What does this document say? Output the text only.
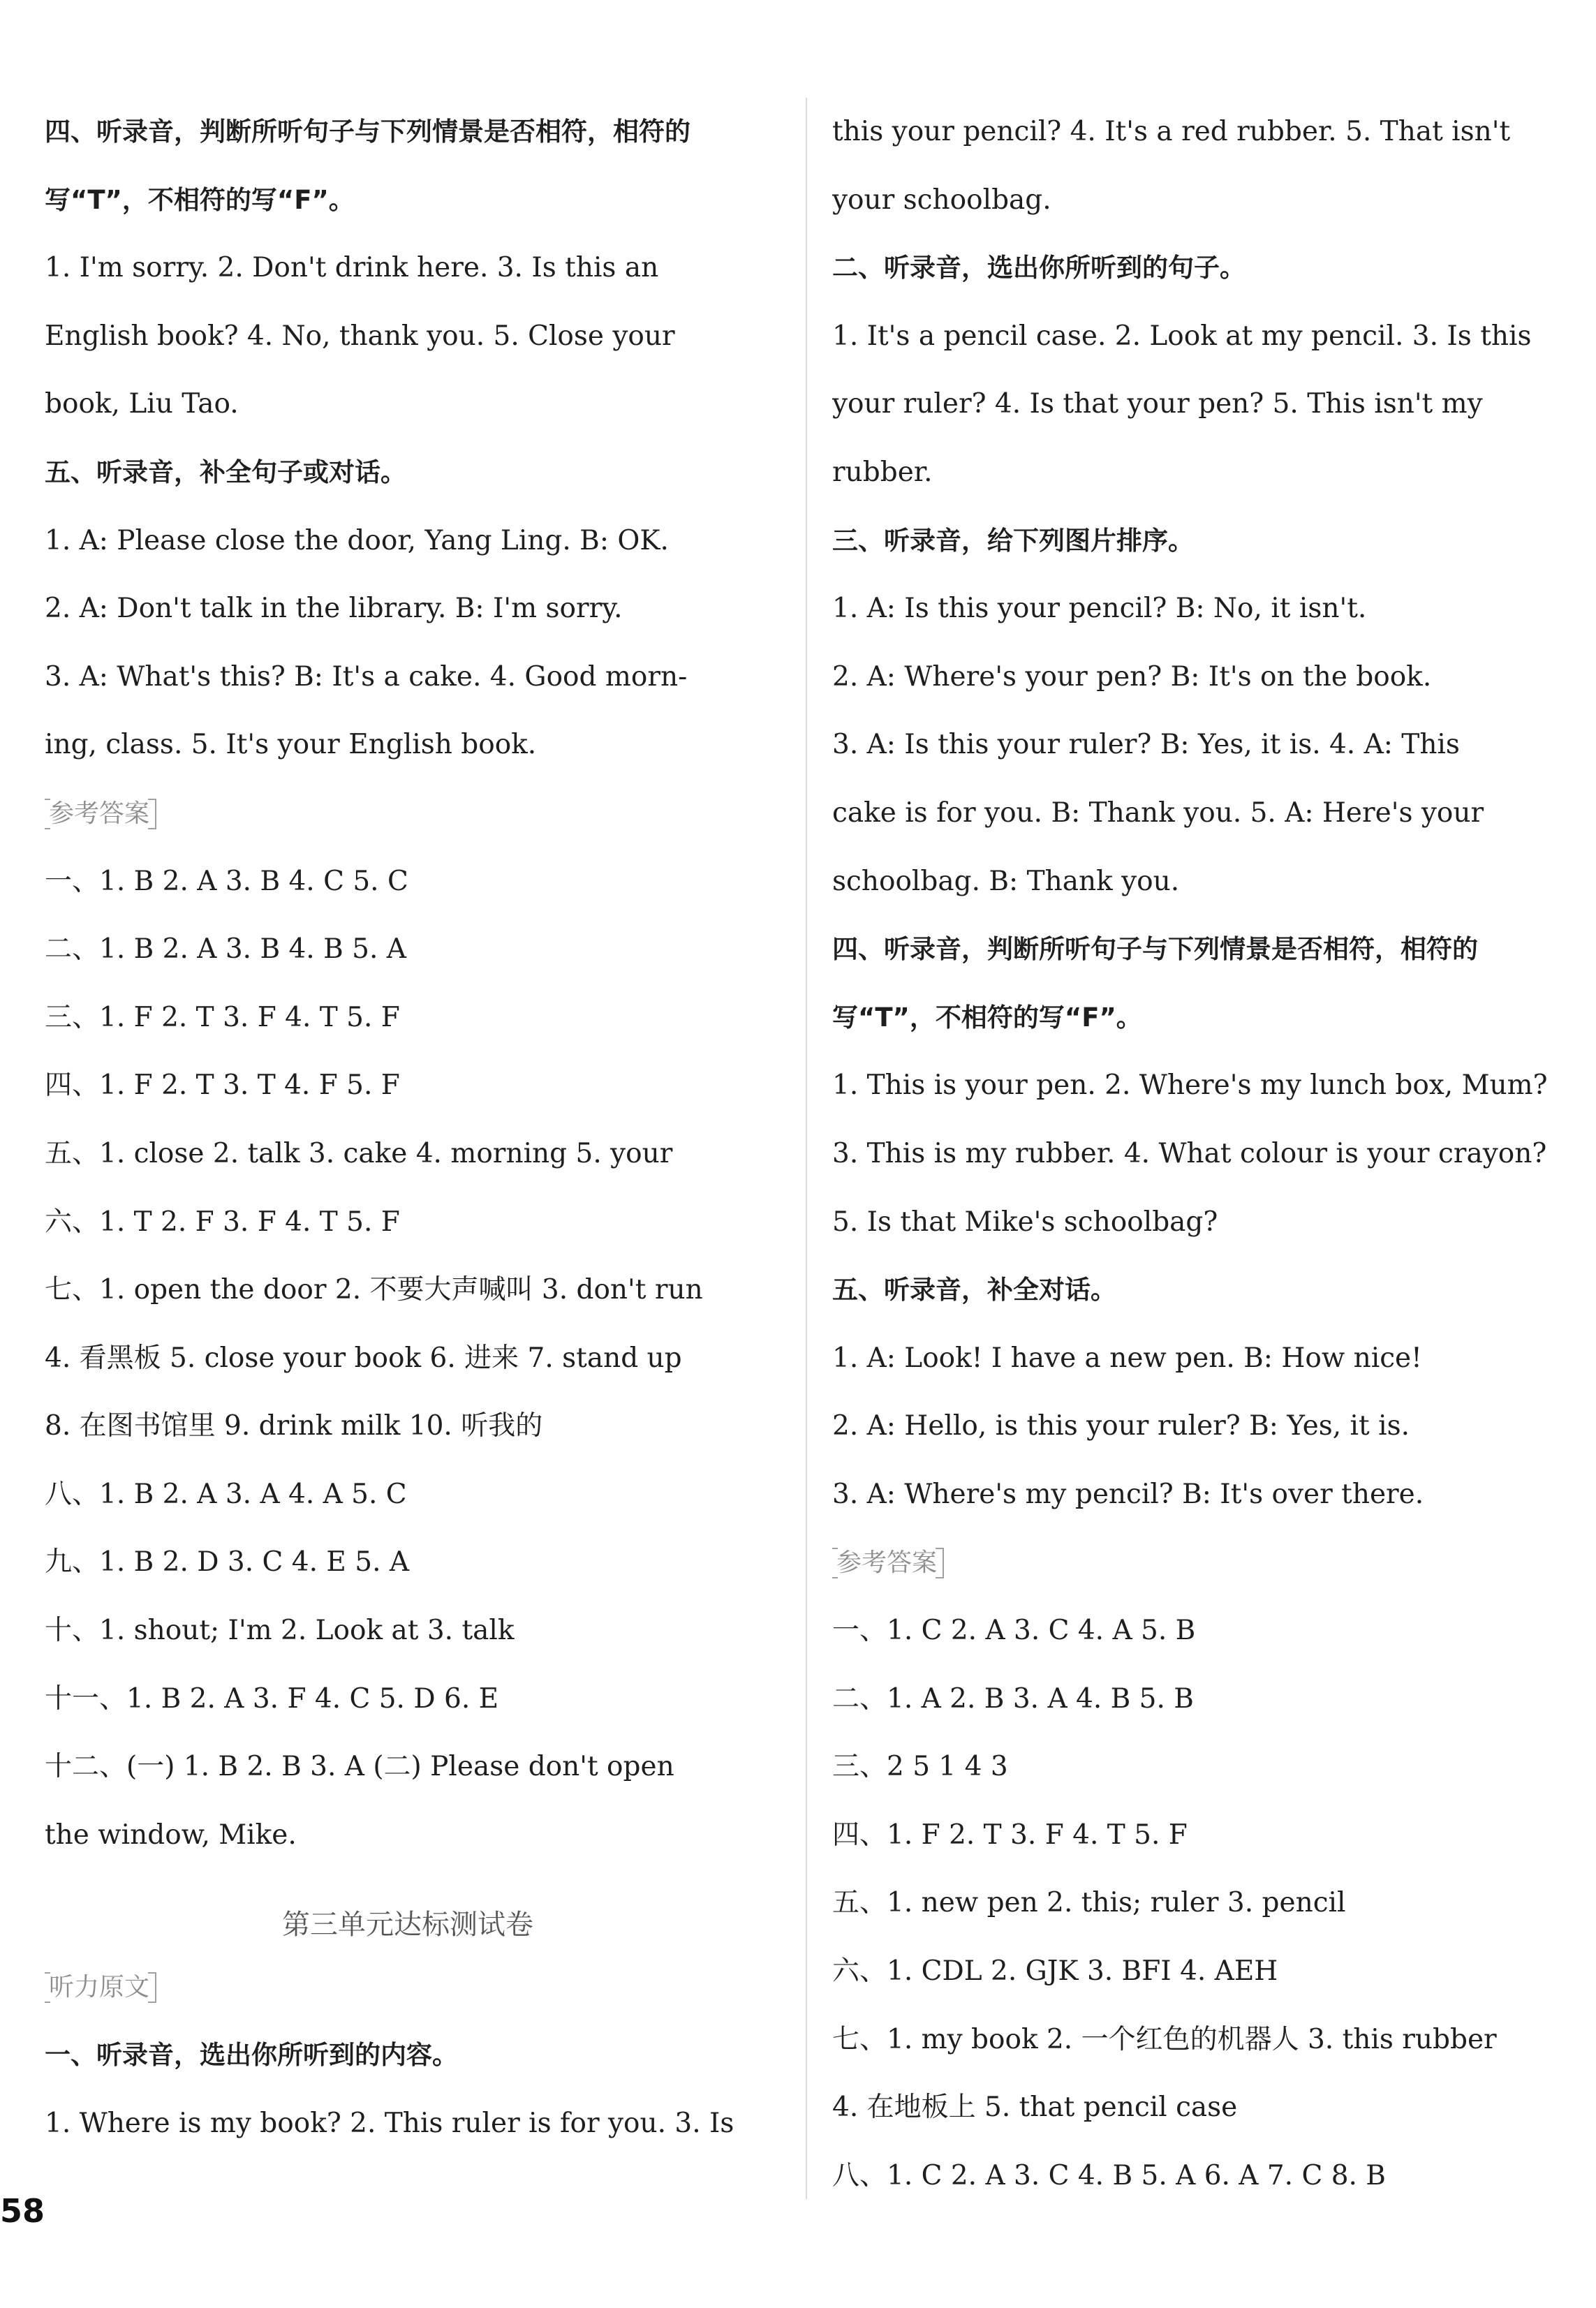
四、听录音，判断所听句子与下列情景是否相符，相符的
写“T”，不相符的写“F”。
1. I'm sorry. 2. Don't drink here. 3. Is this an
English book? 4. No, thank you. 5. Close your
book, Liu Tao.
五、听录音，补全句子或对话。
1. A: Please close the door, Yang Ling. B: OK.
2. A: Don't talk in the library. B: I'm sorry.
3. A: What's this? B: It's a cake. 4. Good morn-
ing, class. 5. It's your English book.
参考答案
一、1. B 2. A 3. B 4. C 5. C
二、1. B 2. A 3. B 4. B 5. A
三、1. F 2. T 3. F 4. T 5. F
四、1. F 2. T 3. T 4. F 5. F
五、1. close 2. talk 3. cake 4. morning 5. your
六、1. T 2. F 3. F 4. T 5. F
七、1. open the door 2. 不要大声喊叫 3. don't run
4. 看黑板 5. close your book 6. 进来 7. stand up
8. 在图书馆里 9. drink milk 10. 听我的
八、1. B 2. A 3. A 4. A 5. C
九、1. B 2. D 3. C 4. E 5. A
十、1. shout; I'm 2. Look at 3. talk
十一、1. B 2. A 3. F 4. C 5. D 6. E
十二、(一) 1. B 2. B 3. A (二) Please don't open
the window, Mike.
第三单元达标测试卷
听力原文
一、听录音，选出你所听到的内容。
1. Where is my book? 2. This ruler is for you. 3. Is
this your pencil? 4. It's a red rubber. 5. That isn't
your schoolbag.
二、听录音，选出你所听到的句子。
1. It's a pencil case. 2. Look at my pencil. 3. Is this
your ruler? 4. Is that your pen? 5. This isn't my
rubber.
三、听录音，给下列图片排序。
1. A: Is this your pencil? B: No, it isn't.
2. A: Where's your pen? B: It's on the book.
3. A: Is this your ruler? B: Yes, it is. 4. A: This
cake is for you. B: Thank you. 5. A: Here's your
schoolbag. B: Thank you.
四、听录音，判断所听句子与下列情景是否相符，相符的
写“T”，不相符的写“F”。
1. This is your pen. 2. Where's my lunch box, Mum?
3. This is my rubber. 4. What colour is your crayon?
5. Is that Mike's schoolbag?
五、听录音，补全对话。
1. A: Look! I have a new pen. B: How nice!
2. A: Hello, is this your ruler? B: Yes, it is.
3. A: Where's my pencil? B: It's over there.
参考答案
一、1. C 2. A 3. C 4. A 5. B
二、1. A 2. B 3. A 4. B 5. B
三、2 5 1 4 3
四、1. F 2. T 3. F 4. T 5. F
五、1. new pen 2. this; ruler 3. pencil
六、1. CDL 2. GJK 3. BFI 4. AEH
七、1. my book 2. 一个红色的机器人 3. this rubber
4. 在地板上 5. that pencil case
八、1. C 2. A 3. C 4. B 5. A 6. A 7. C 8. B
58
